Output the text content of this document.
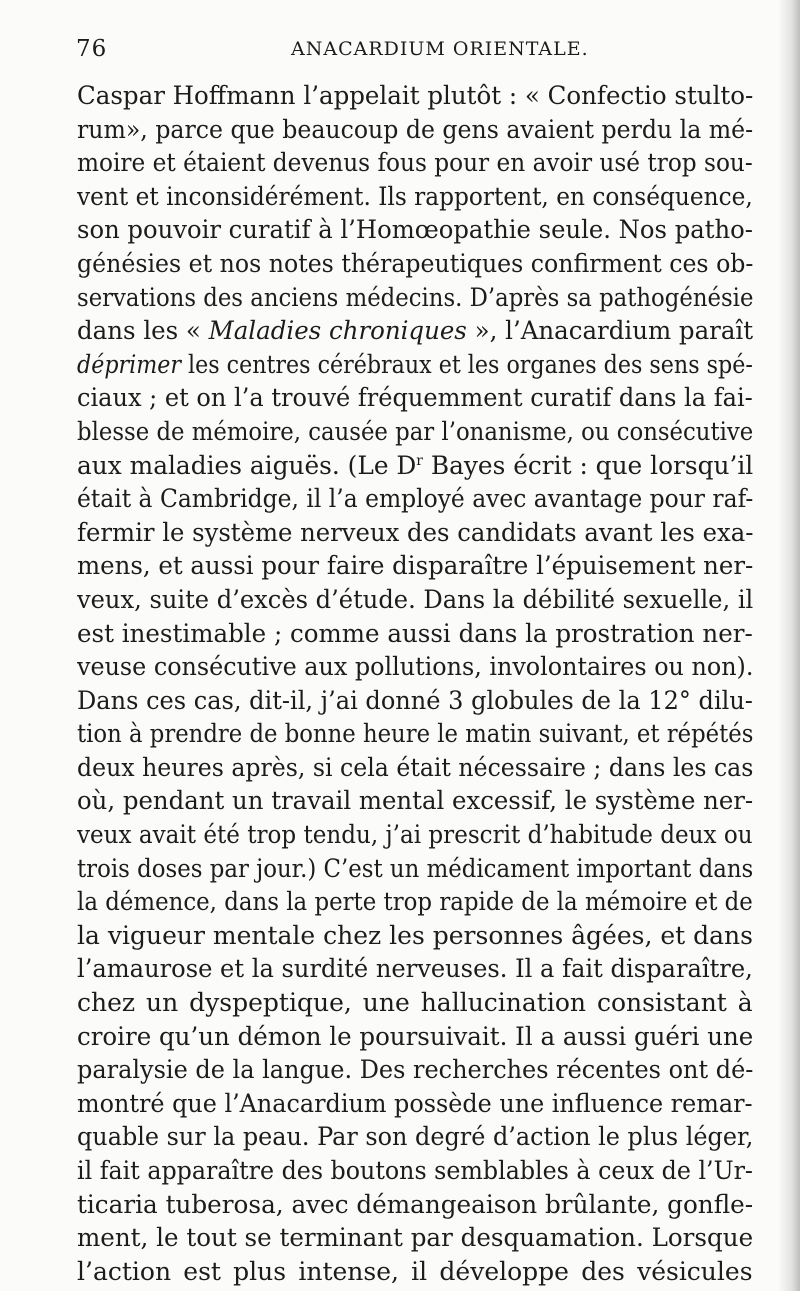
76	ANACARDIUM ORIENTALE.
Caspar Hoffmann l’appelait plutôt : « Confectio stulto-
rum», parce que beaucoup de gens avaient perdu la mé-
moire et étaient devenus fous pour en avoir usé trop sou-
vent et inconsidérément. Ils rapportent, en conséquence,
son pouvoir curatif à l’Homœopathie seule. Nos patho-
génésies et nos notes thérapeutiques confirment ces ob-
servations des anciens médecins. D’après sa pathogénésie
dans les « Maladies chroniques », l’Anacardium paraît
déprimer les centres cérébraux et les organes des sens spé-
ciaux ; et on l’a trouvé fréquemment curatif dans la fai-
blesse de mémoire, causée par l’onanisme, ou consécutive
aux maladies aiguës. (Le $D^r$ Bayes écrit : que lorsqu’il
était à Cambridge, il l’a employé avec avantage pour raf-
fermir le système nerveux des candidats avant les exa-
mens, et aussi pour faire disparaître l’épuisement ner-
veux, suite d’excès d’étude. Dans la débilité sexuelle, il
est inestimable ; comme aussi dans la prostration ner-
veuse consécutive aux pollutions, involontaires ou non).
Dans ces cas, dit-il, j’ai donné 3 globules de la 12° dilu-
tion à prendre de bonne heure le matin suivant, et répétés
deux heures après, si cela était nécessaire ; dans les cas
où, pendant un travail mental excessif, le système ner-
veux avait été trop tendu, j’ai prescrit d’habitude deux ou
trois doses par jour.) C’est un médicament important dans
la démence, dans la perte trop rapide de la mémoire et de
la vigueur mentale chez les personnes âgées, et dans
l’amaurose et la surdité nerveuses. Il a fait disparaître,
chez un dyspeptique, une hallucination consistant à
croire qu’un démon le poursuivait. Il a aussi guéri une
paralysie de la langue. Des recherches récentes ont dé-
montré que l’Anacardium possède une influence remar-
quable sur la peau. Par son degré d’action le plus léger,
il fait apparaître des boutons semblables à ceux de l’Ur-
ticaria tuberosa, avec démangeaison brûlante, gonfle-
ment, le tout se terminant par desquamation. Lorsque
l’action est plus intense, il développe des vésicules
